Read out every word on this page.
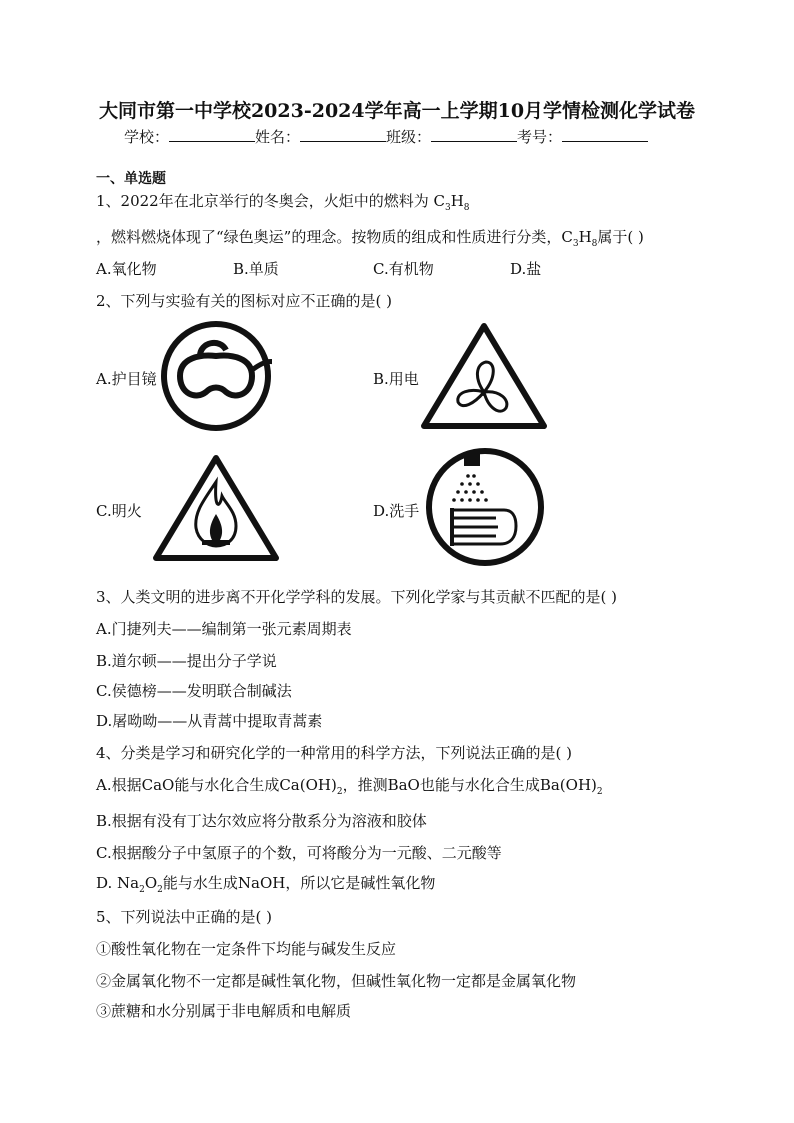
大同市第一中学校2023-2024学年高一上学期10月学情检测化学试卷
学校：	姓名：	班级：	考号：
一、单选题
1、2022年在北京举行的冬奥会，火炬中的燃料为 $C_3H_8$
，燃料燃烧体现了“绿色奥运”的理念。按物质的组成和性质进行分类，$C_3H_8$属于( )
A.氧化物	B.单质	C.有机物	D.盐
2、下列与实验有关的图标对应不正确的是( )
A.护目镜	B.用电
C.明火	D.洗手
3、人类文明的进步离不开化学学科的发展。下列化学家与其贡献不匹配的是( )
A.门捷列夫——编制第一张元素周期表
B.道尔顿——提出分子学说
C.侯德榜——发明联合制碱法
D.屠呦呦——从青蒿中提取青蒿素
4、分类是学习和研究化学的一种常用的科学方法，下列说法正确的是( )
A.根据CaO能与水化合生成$Ca(OH)_2$，推测BaO也能与水化合生成$Ba(OH)_2$
B.根据有没有丁达尔效应将分散系分为溶液和胶体
C.根据酸分子中氢原子的个数，可将酸分为一元酸、二元酸等
D. $Na_2O_2$能与水生成NaOH，所以它是碱性氧化物
5、下列说法中正确的是( )
①酸性氧化物在一定条件下均能与碱发生反应
②金属氧化物不一定都是碱性氧化物，但碱性氧化物一定都是金属氧化物
③蔗糖和水分别属于非电解质和电解质
